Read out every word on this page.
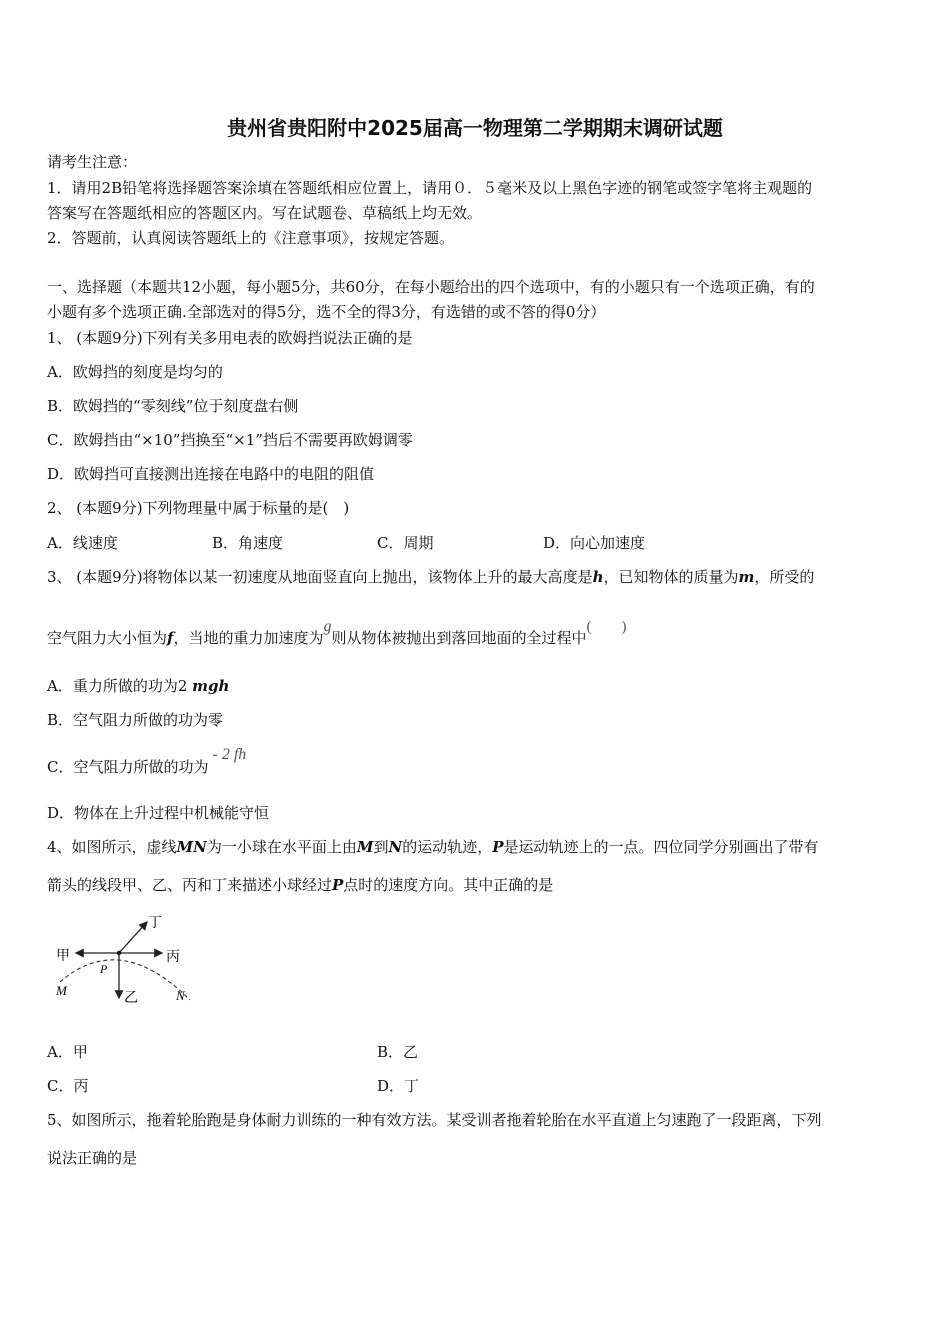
贵州省贵阳附中2025届高一物理第二学期期末调研试题
请考生注意：
1．请用2B铅笔将选择题答案涂填在答题纸相应位置上，请用０．５毫米及以上黑色字迹的钢笔或签字笔将主观题的
答案写在答题纸相应的答题区内。写在试题卷、草稿纸上均无效。
2．答题前，认真阅读答题纸上的《注意事项》，按规定答题。
一、选择题（本题共12小题，每小题5分，共60分，在每小题给出的四个选项中，有的小题只有一个选项正确，有的
小题有多个选项正确.全部选对的得5分，选不全的得3分，有选错的或不答的得0分）
1、 (本题9分)下列有关多用电表的欧姆挡说法正确的是
A．欧姆挡的刻度是均匀的
B．欧姆挡的“零刻线”位于刻度盘右侧
C．欧姆挡由“×10”挡换至“×1”挡后不需要再欧姆调零
D．欧姆挡可直接测出连接在电路中的电阻的阻值
2、 (本题9分)下列物理量中属于标量的是(　)
A．线速度	B．角速度	C．周期	D．向心加速度
3、 (本题9分)将物体以某一初速度从地面竖直向上抛出，该物体上升的最大高度是h，已知物体的质量为m，所受的
空气阻力大小恒为f，当地的重力加速度为g则从物体被抛出到落回地面的全过程中(　　)
A．重力所做的功为2 mgh
B．空气阻力所做的功为零
C．空气阻力所做的功为- 2 fh
D．物体在上升过程中机械能守恒
4、如图所示，虚线MN为一小球在水平面上由M到N的运动轨迹，P是运动轨迹上的一点。四位同学分别画出了带有
箭头的线段甲、乙、丙和丁来描述小球经过P点时的速度方向。其中正确的是
甲	丙
丁
乙
P
M	N
A．甲	B．乙
C．丙	D．丁
5、如图所示，拖着轮胎跑是身体耐力训练的一种有效方法。某受训者拖着轮胎在水平直道上匀速跑了一段距离，下列
说法正确的是
